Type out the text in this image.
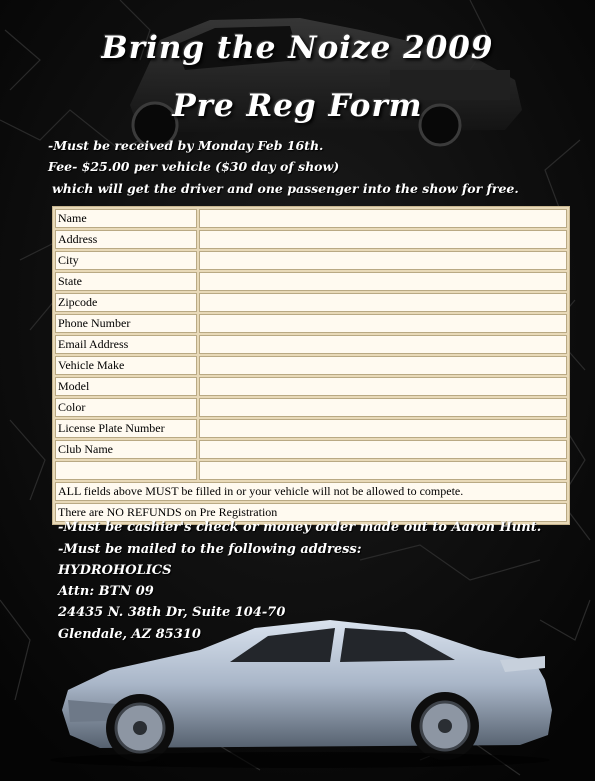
Bring the Noize 2009
Pre Reg Form
-Must be received by Monday Feb 16th.
Fee- $25.00 per vehicle ($30 day of show)
which will get the driver and one passenger into the show for free.
Name	
Address	
City	
State	
Zipcode	
Phone Number	
Email Address	
Vehicle Make	
Model	
Color	
License Plate Number	
Club Name	

ALL fields above MUST be filled in or your vehicle will not be allowed to compete.	
There are NO REFUNDS on Pre Registration	
-Must be cashier's check or money order made out to Aaron Hunt.
-Must be mailed to the following address:
HYDROHOLICS
Attn: BTN 09
24435 N. 38th Dr, Suite 104-70
Glendale, AZ 85310
